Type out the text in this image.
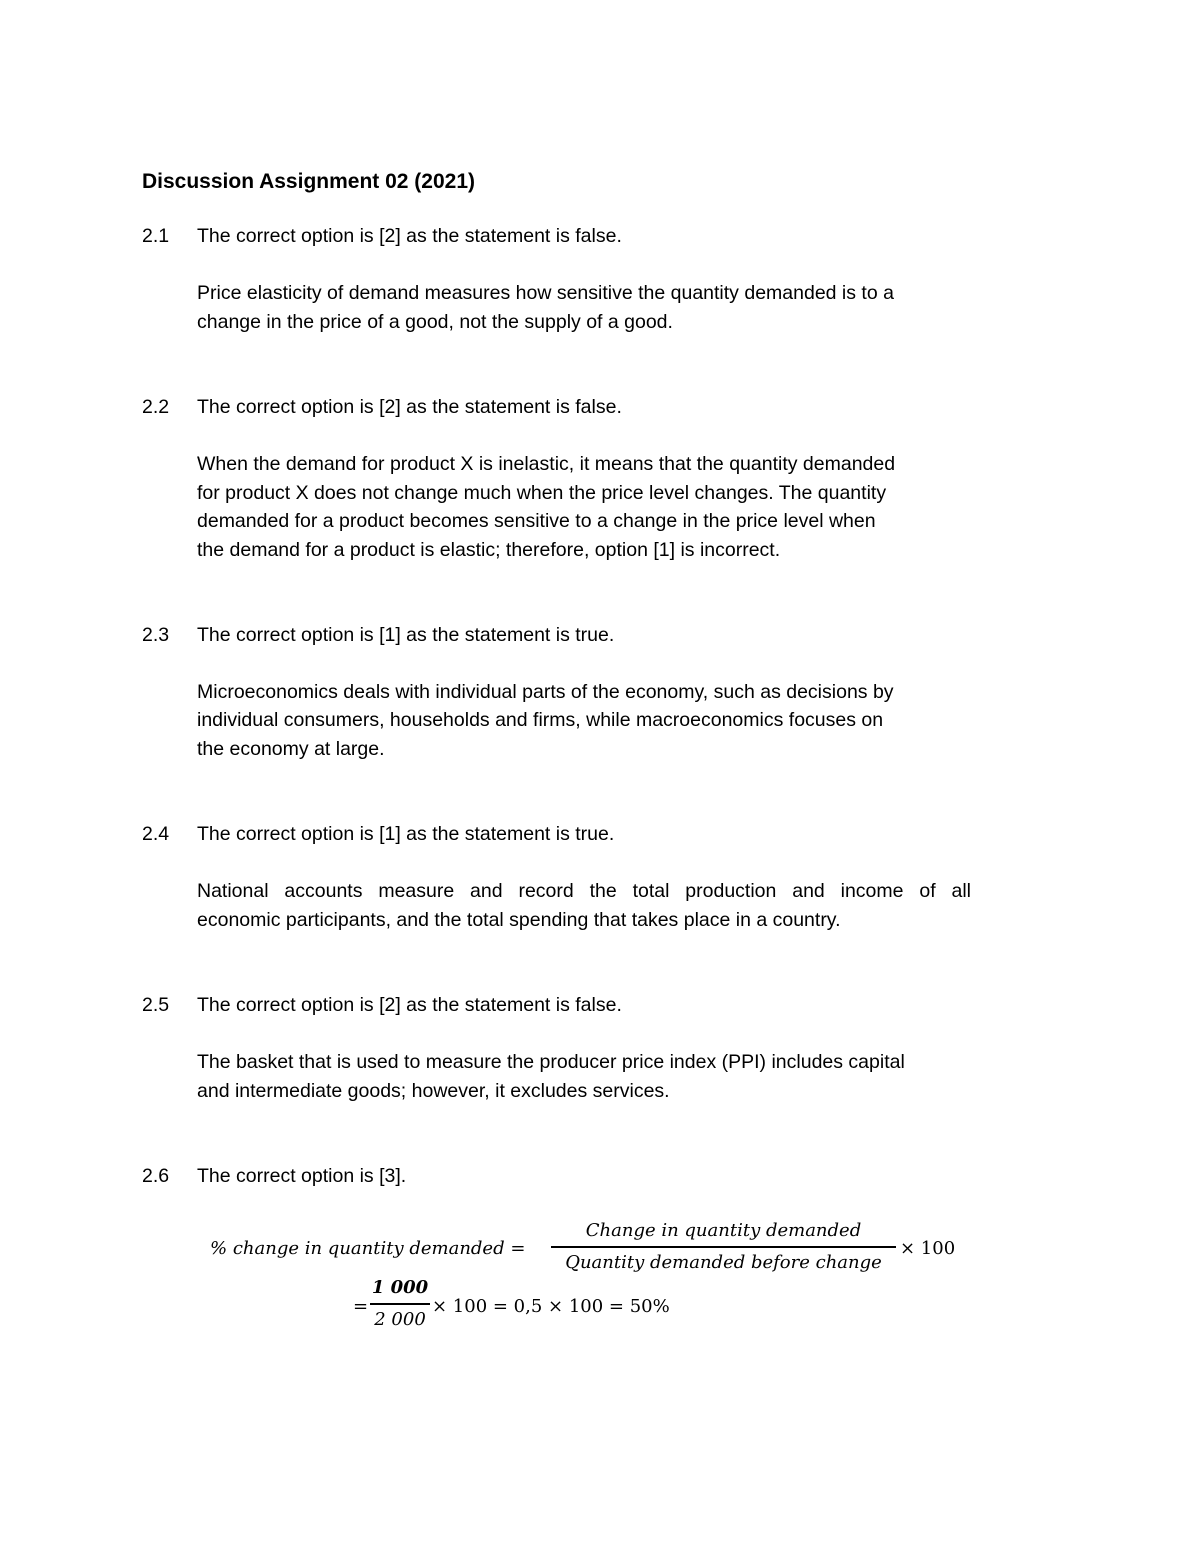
Discussion Assignment 02 (2021)
2.1 The correct option is [2] as the statement is false.
Price elasticity of demand measures how sensitive the quantity demanded is to a
change in the price of a good, not the supply of a good.
2.2 The correct option is [2] as the statement is false.
When the demand for product X is inelastic, it means that the quantity demanded
for product X does not change much when the price level changes. The quantity
demanded for a product becomes sensitive to a change in the price level when
the demand for a product is elastic; therefore, option [1] is incorrect.
2.3 The correct option is [1] as the statement is true.
Microeconomics deals with individual parts of the economy, such as decisions by
individual consumers, households and firms, while macroeconomics focuses on
the economy at large.
2.4 The correct option is [1] as the statement is true.
National accounts measure and record the total production and income of all
economic participants, and the total spending that takes place in a country.
2.5 The correct option is [2] as the statement is false.
The basket that is used to measure the producer price index (PPI) includes capital
and intermediate goods; however, it excludes services.
2.6 The correct option is [3].
% change in quantity demanded =
Change in quantity demanded
Quantity demanded before change
× 100
=
1 000
2 000
× 100 = 0,5 × 100 = 50%
